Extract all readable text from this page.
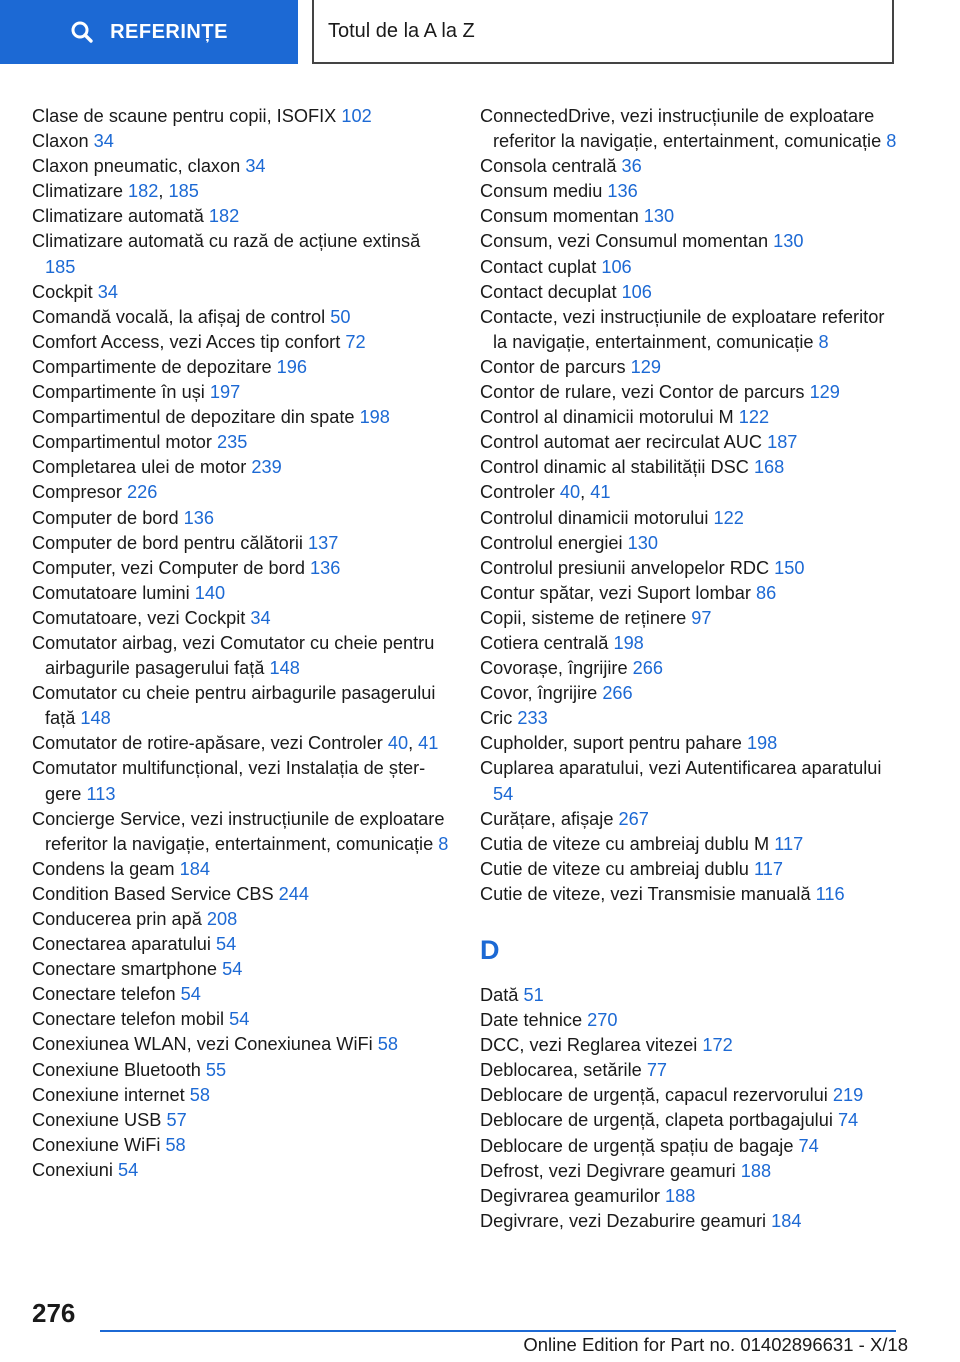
REFERINȚE	Totul de la A la Z
Clase de scaune pentru copii, ISOFIX 102
Claxon 34
Claxon pneumatic, claxon 34
Climatizare 182, 185
Climatizare automată 182
Climatizare automată cu rază de acțiune extinsă 185
Cockpit 34
Comandă vocală, la afișaj de control 50
Comfort Access, vezi Acces tip confort 72
Compartimente de depozitare 196
Compartimente în uși 197
Compartimentul de depozitare din spate 198
Compartimentul motor 235
Completarea ulei de motor 239
Compresor 226
Computer de bord 136
Computer de bord pentru călătorii 137
Computer, vezi Computer de bord 136
Comutatoare lumini 140
Comutatoare, vezi Cockpit 34
Comutator airbag, vezi Comutator cu cheie pentru airbagurile pasagerului față 148
Comutator cu cheie pentru airbagurile pasagerului față 148
Comutator de rotire-apăsare, vezi Controler 40, 41
Comutator multifuncțional, vezi Instalația de ștergere 113
Concierge Service, vezi instrucțiunile de exploatare referitor la navigație, entertainment, comunicație 8
Condens la geam 184
Condition Based Service CBS 244
Conducerea prin apă 208
Conectarea aparatului 54
Conectare smartphone 54
Conectare telefon 54
Conectare telefon mobil 54
Conexiunea WLAN, vezi Conexiunea WiFi 58
Conexiune Bluetooth 55
Conexiune internet 58
Conexiune USB 57
Conexiune WiFi 58
Conexiuni 54
ConnectedDrive, vezi instrucțiunile de exploatare referitor la navigație, entertainment, comunicație 8
Consola centrală 36
Consum mediu 136
Consum momentan 130
Consum, vezi Consumul momentan 130
Contact cuplat 106
Contact decuplat 106
Contacte, vezi instrucțiunile de exploatare referitor la navigație, entertainment, comunicație 8
Contor de parcurs 129
Contor de rulare, vezi Contor de parcurs 129
Control al dinamicii motorului M 122
Control automat aer recirculat AUC 187
Control dinamic al stabilității DSC 168
Controler 40, 41
Controlul dinamicii motorului 122
Controlul energiei 130
Controlul presiunii anvelopelor RDC 150
Contur spătar, vezi Suport lombar 86
Copii, sisteme de reținere 97
Cotiera centrală 198
Covorașe, îngrijire 266
Covor, îngrijire 266
Cric 233
Cupholder, suport pentru pahare 198
Cuplarea aparatului, vezi Autentificarea aparatului 54
Curățare, afișaje 267
Cutia de viteze cu ambreiaj dublu M 117
Cutie de viteze cu ambreiaj dublu 117
Cutie de viteze, vezi Transmisie manuală 116
D
Dată 51
Date tehnice 270
DCC, vezi Reglarea vitezei 172
Deblocarea, setările 77
Deblocare de urgență, capacul rezervorului 219
Deblocare de urgență, clapeta portbagajului 74
Deblocare de urgență spațiu de bagaje 74
Defrost, vezi Degivrare geamuri 188
Degivrarea geamurilor 188
Degivrare, vezi Dezaburire geamuri 184
276
Online Edition for Part no. 01402896631 - X/18
